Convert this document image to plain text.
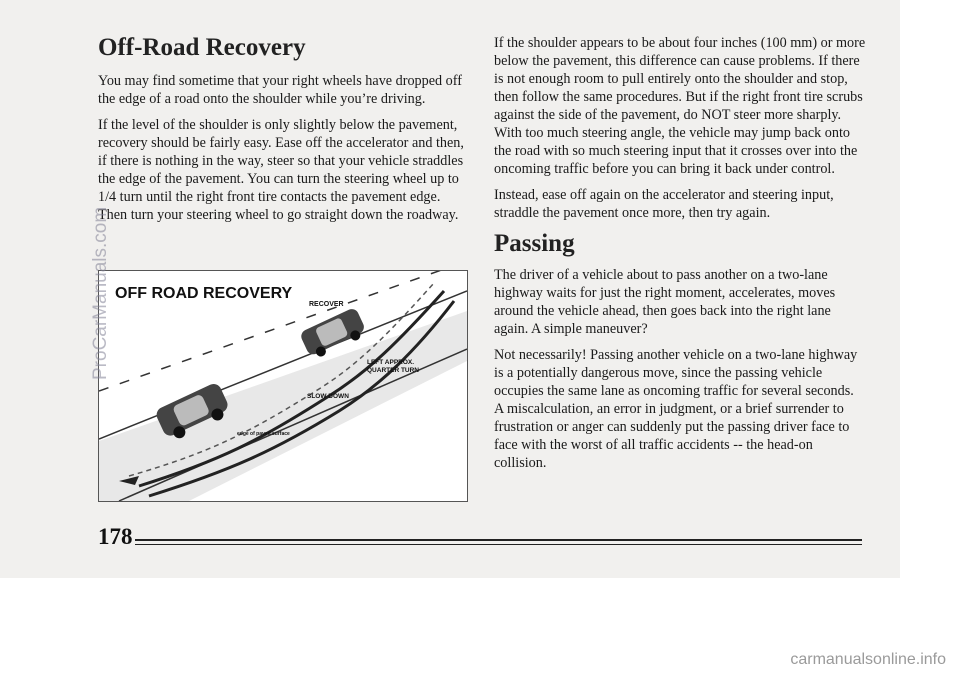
Off-Road Recovery

You may find sometime that your right wheels have dropped off the edge of a road onto the shoulder while you’re driving.

If the level of the shoulder is only slightly below the pavement, recovery should be fairly easy. Ease off the accelerator and then, if there is nothing in the way, steer so that your vehicle straddles the edge of the pavement. You can turn the steering wheel up to 1/4 turn until the right front tire contacts the pavement edge. Then turn your steering wheel to go straight down the roadway.

OFF ROAD RECOVERY
RECOVER
LEFT APPROX. QUARTER TURN
SLOW DOWN
edge of paved surface

If the shoulder appears to be about four inches (100 mm) or more below the pavement, this difference can cause problems. If there is not enough room to pull entirely onto the shoulder and stop, then follow the same procedures. But if the right front tire scrubs against the side of the pavement, do NOT steer more sharply. With too much steering angle, the vehicle may jump back onto the road with so much steering input that it crosses over into the oncoming traffic before you can bring it back under control.

Instead, ease off again on the accelerator and steering input, straddle the pavement once more, then try again.

Passing

The driver of a vehicle about to pass another on a two-lane highway waits for just the right moment, accelerates, moves around the vehicle ahead, then goes back into the right lane again. A simple maneuver?

Not necessarily! Passing another vehicle on a two-lane highway is a potentially dangerous move, since the passing vehicle occupies the same lane as oncoming traffic for several seconds. A miscalculation, an error in judgment, or a brief surrender to frustration or anger can suddenly put the passing driver face to face with the worst of all traffic accidents -- the head-on collision.

178
ProCarManuals.com
carmanualsonline.info
